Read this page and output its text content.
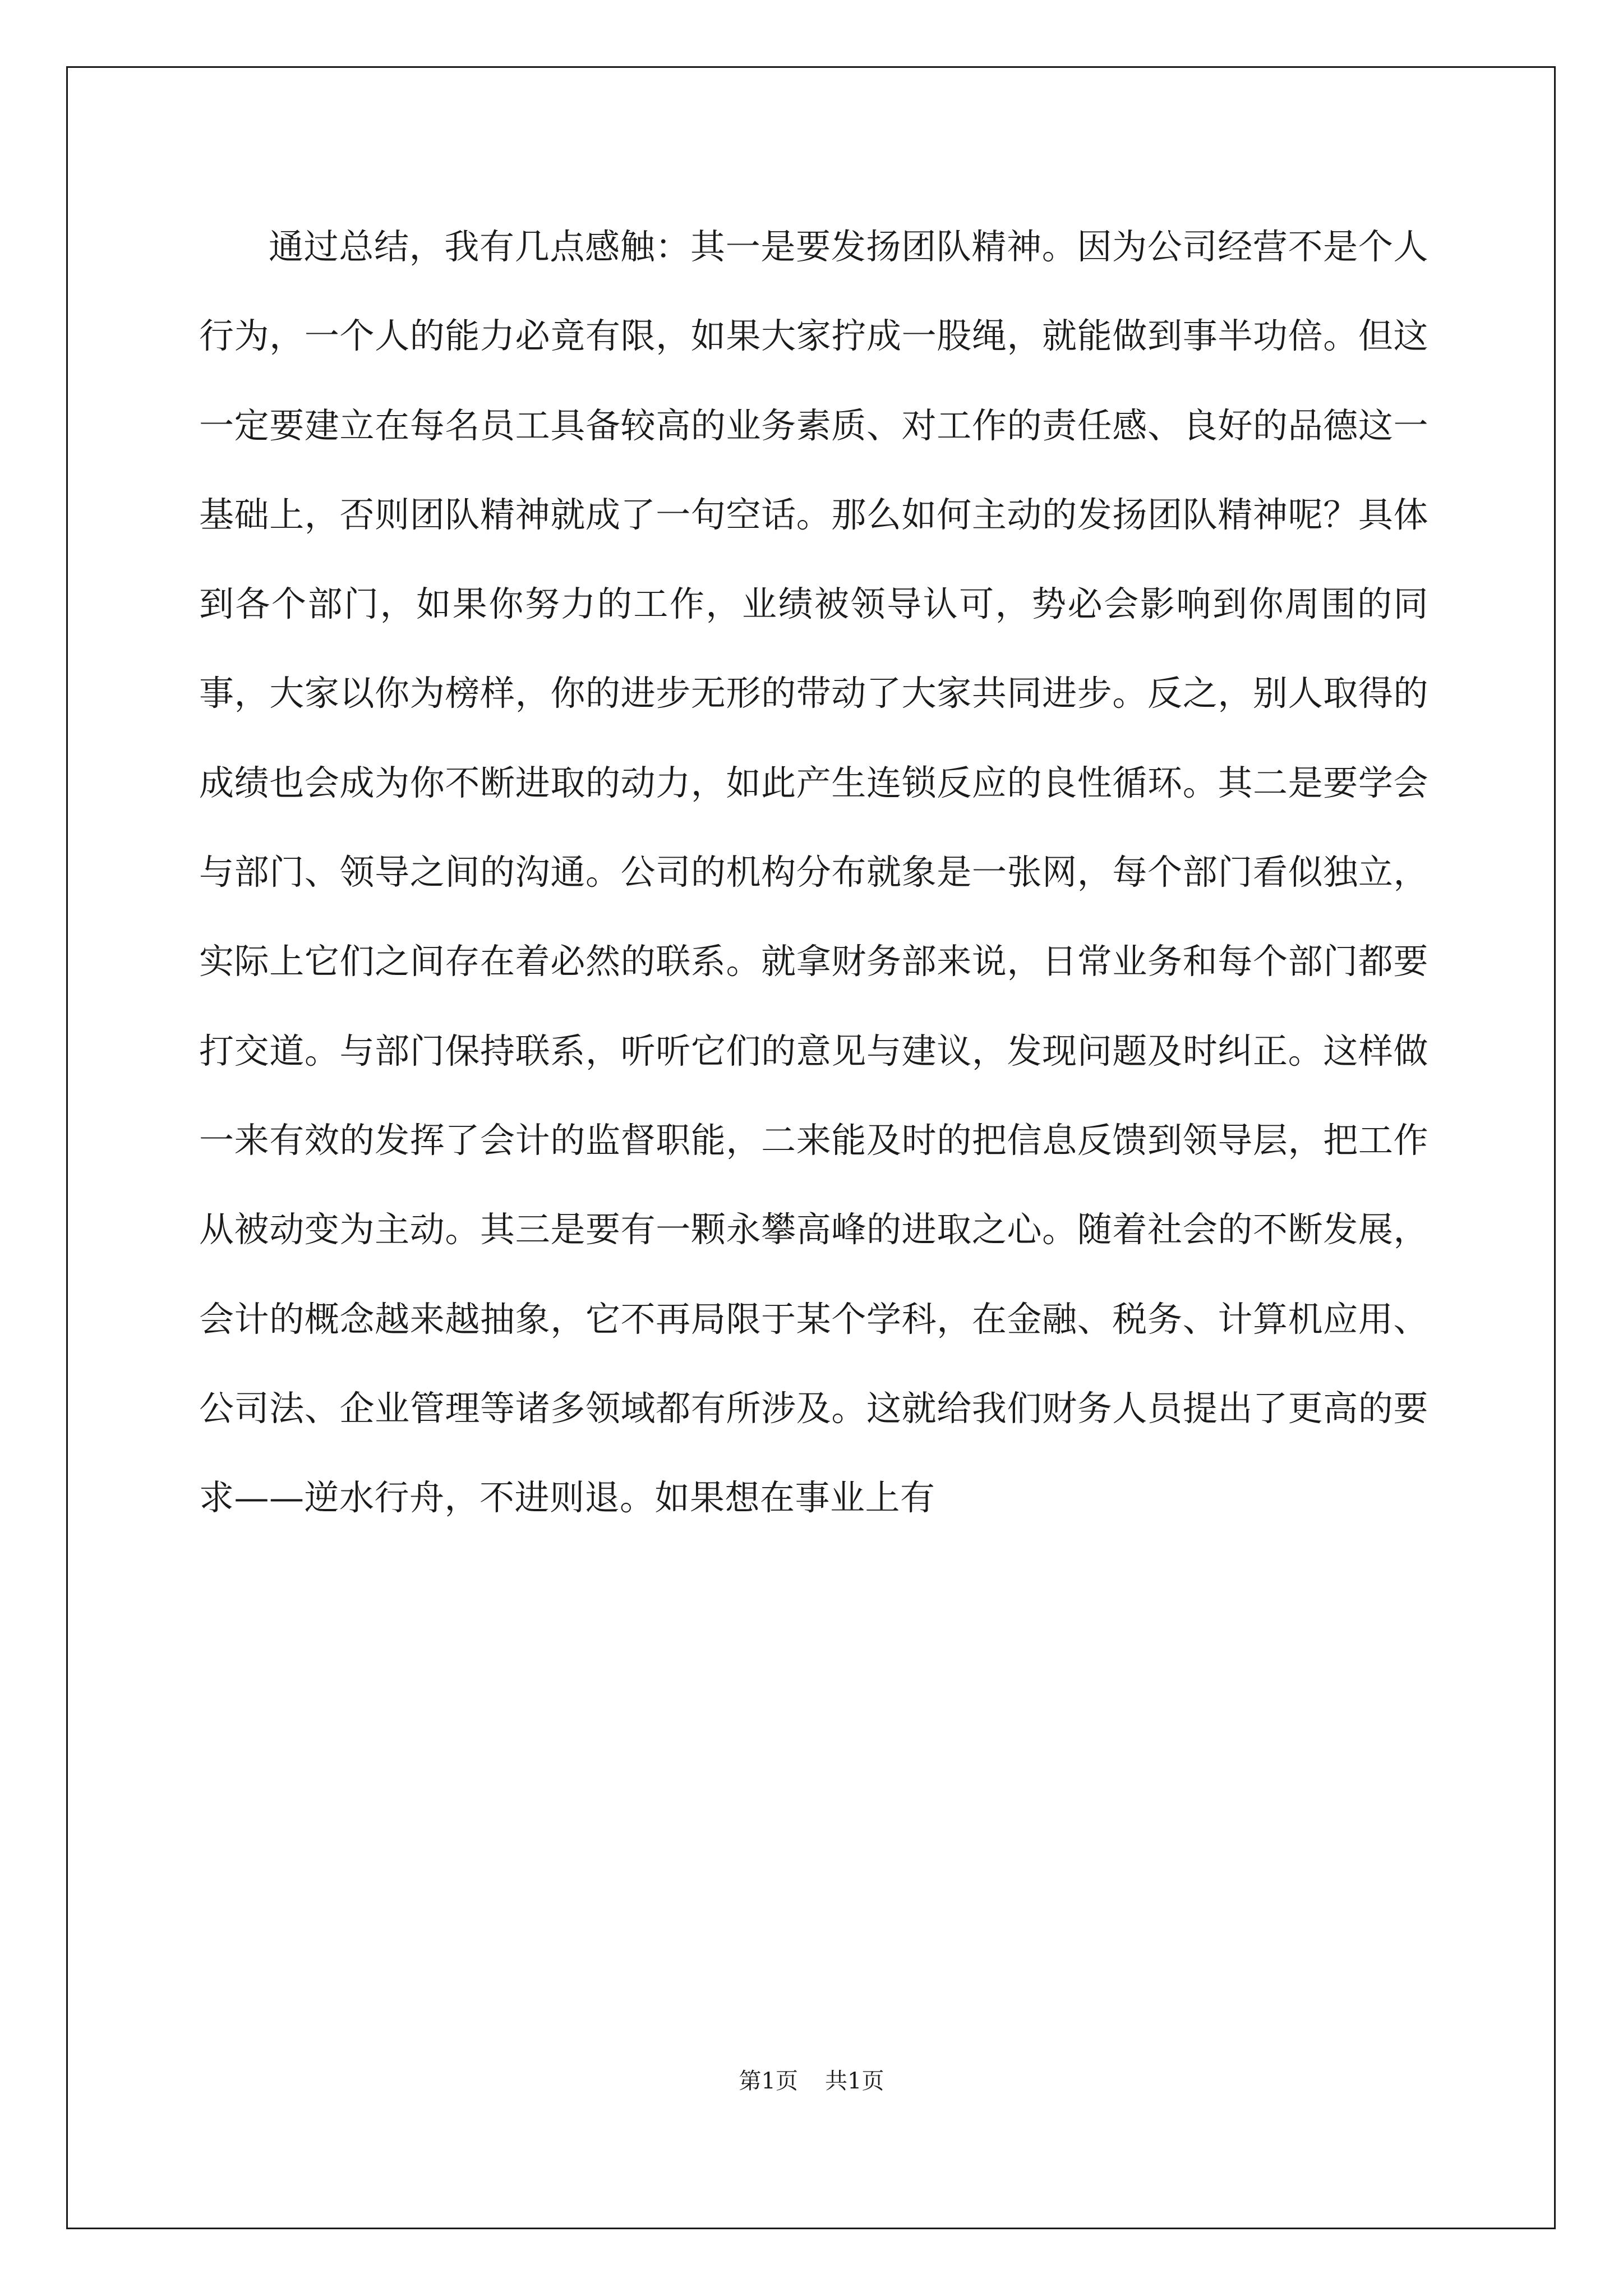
通过总结，我有几点感触：其一是要发扬团队精神。因为公司经营不是个人行为，一个人的能力必竟有限，如果大家拧成一股绳，就能做到事半功倍。但这一定要建立在每名员工具备较高的业务素质、对工作的责任感、良好的品德这一基础上，否则团队精神就成了一句空话。那么如何主动的发扬团队精神呢？具体到各个部门，如果你努力的工作，业绩被领导认可，势必会影响到你周围的同事，大家以你为榜样，你的进步无形的带动了大家共同进步。反之，别人取得的成绩也会成为你不断进取的动力，如此产生连锁反应的良性循环。其二是要学会与部门、领导之间的沟通。公司的机构分布就象是一张网，每个部门看似独立，实际上它们之间存在着必然的联系。就拿财务部来说，日常业务和每个部门都要打交道。与部门保持联系，听听它们的意见与建议，发现问题及时纠正。这样做一来有效的发挥了会计的监督职能，二来能及时的把信息反馈到领导层，把工作从被动变为主动。其三是要有一颗永攀高峰的进取之心。随着社会的不断发展，会计的概念越来越抽象，它不再局限于某个学科，在金融、税务、计算机应用、公司法、企业管理等诸多领域都有所涉及。这就给我们财务人员提出了更高的要求——逆水行舟，不进则退。如果想在事业上有

第1页 共1页
